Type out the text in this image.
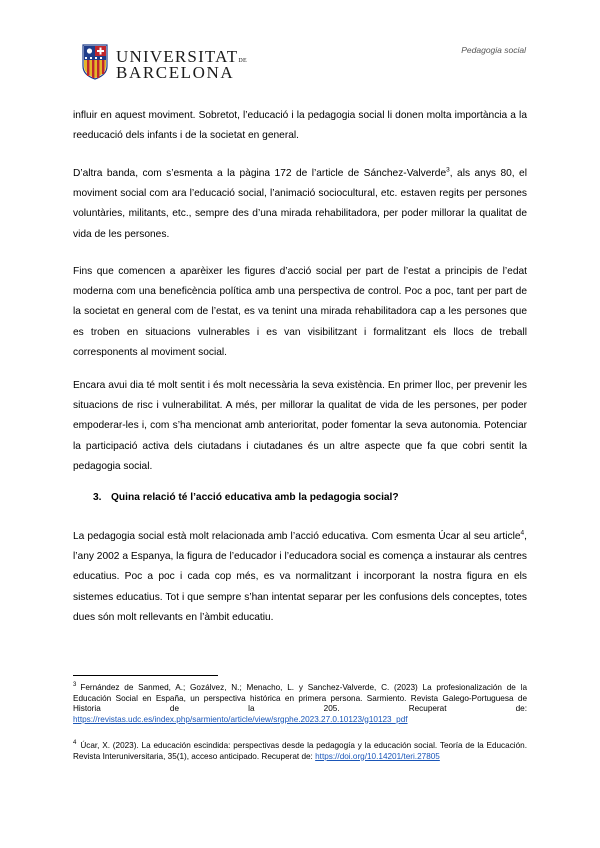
UNIVERSITATDE
BARCELONA
Pedagogia social

influir en aquest moviment. Sobretot, l’educació i la pedagogia social li donen molta importància a la reeducació dels infants i de la societat en general.

D’altra banda, com s’esmenta a la pàgina 172 de l’article de Sánchez-Valverde$^3$, als anys 80, el moviment social com ara l’educació social, l’animació sociocultural, etc. estaven regits per persones voluntàries, militants, etc., sempre des d’una mirada rehabilitadora, per poder millorar la qualitat de vida de les persones.

Fins que comencen a aparèixer les figures d’acció social per part de l’estat a principis de l’edat moderna com una beneficència política amb una perspectiva de control. Poc a poc, tant per part de la societat en general com de l’estat, es va tenint una mirada rehabilitadora cap a les persones que es troben en situacions vulnerables i es van visibilitzant i formalitzant els llocs de treball corresponents al moviment social.

Encara avui dia té molt sentit i és molt necessària la seva existència. En primer lloc, per prevenir les situacions de risc i vulnerabilitat. A més, per millorar la qualitat de vida de les persones, per poder empoderar-les i, com s’ha mencionat amb anterioritat, poder fomentar la seva autonomia. Potenciar la participació activa dels ciutadans i ciutadanes és un altre aspecte que fa que cobri sentit la pedagogia social.

3. Quina relació té l’acció educativa amb la pedagogia social?

La pedagogia social està molt relacionada amb l’acció educativa. Com esmenta Úcar al seu article$^4$, l’any 2002 a Espanya, la figura de l’educador i l’educadora social es comença a instaurar als centres educatius. Poc a poc i cada cop més, es va normalitzant i incorporant la nostra figura en els sistemes educatius. Tot i que sempre s’han intentat separar per les confusions dels conceptes, totes dues són molt rellevants en l’àmbit educatiu.

$^3$ Fernández de Sanmed, A.; Gozálvez, N.; Menacho, L. y Sanchez-Valverde, C. (2023) La profesionalización de la Educación Social en España, un perspectiva histórica en primera persona. Sarmiento. Revista Galego-Portuguesa de Historia de la 205. Recuperat de: https://revistas.udc.es/index.php/sarmiento/article/view/srgphe.2023.27.0.10123/g10123_pdf

$^4$ Úcar, X. (2023). La educación escindida: perspectivas desde la pedagogía y la educación social. Teoría de la Educación. Revista Interuniversitaria, 35(1), acceso anticipado. Recuperat de: https://doi.org/10.14201/teri.27805
